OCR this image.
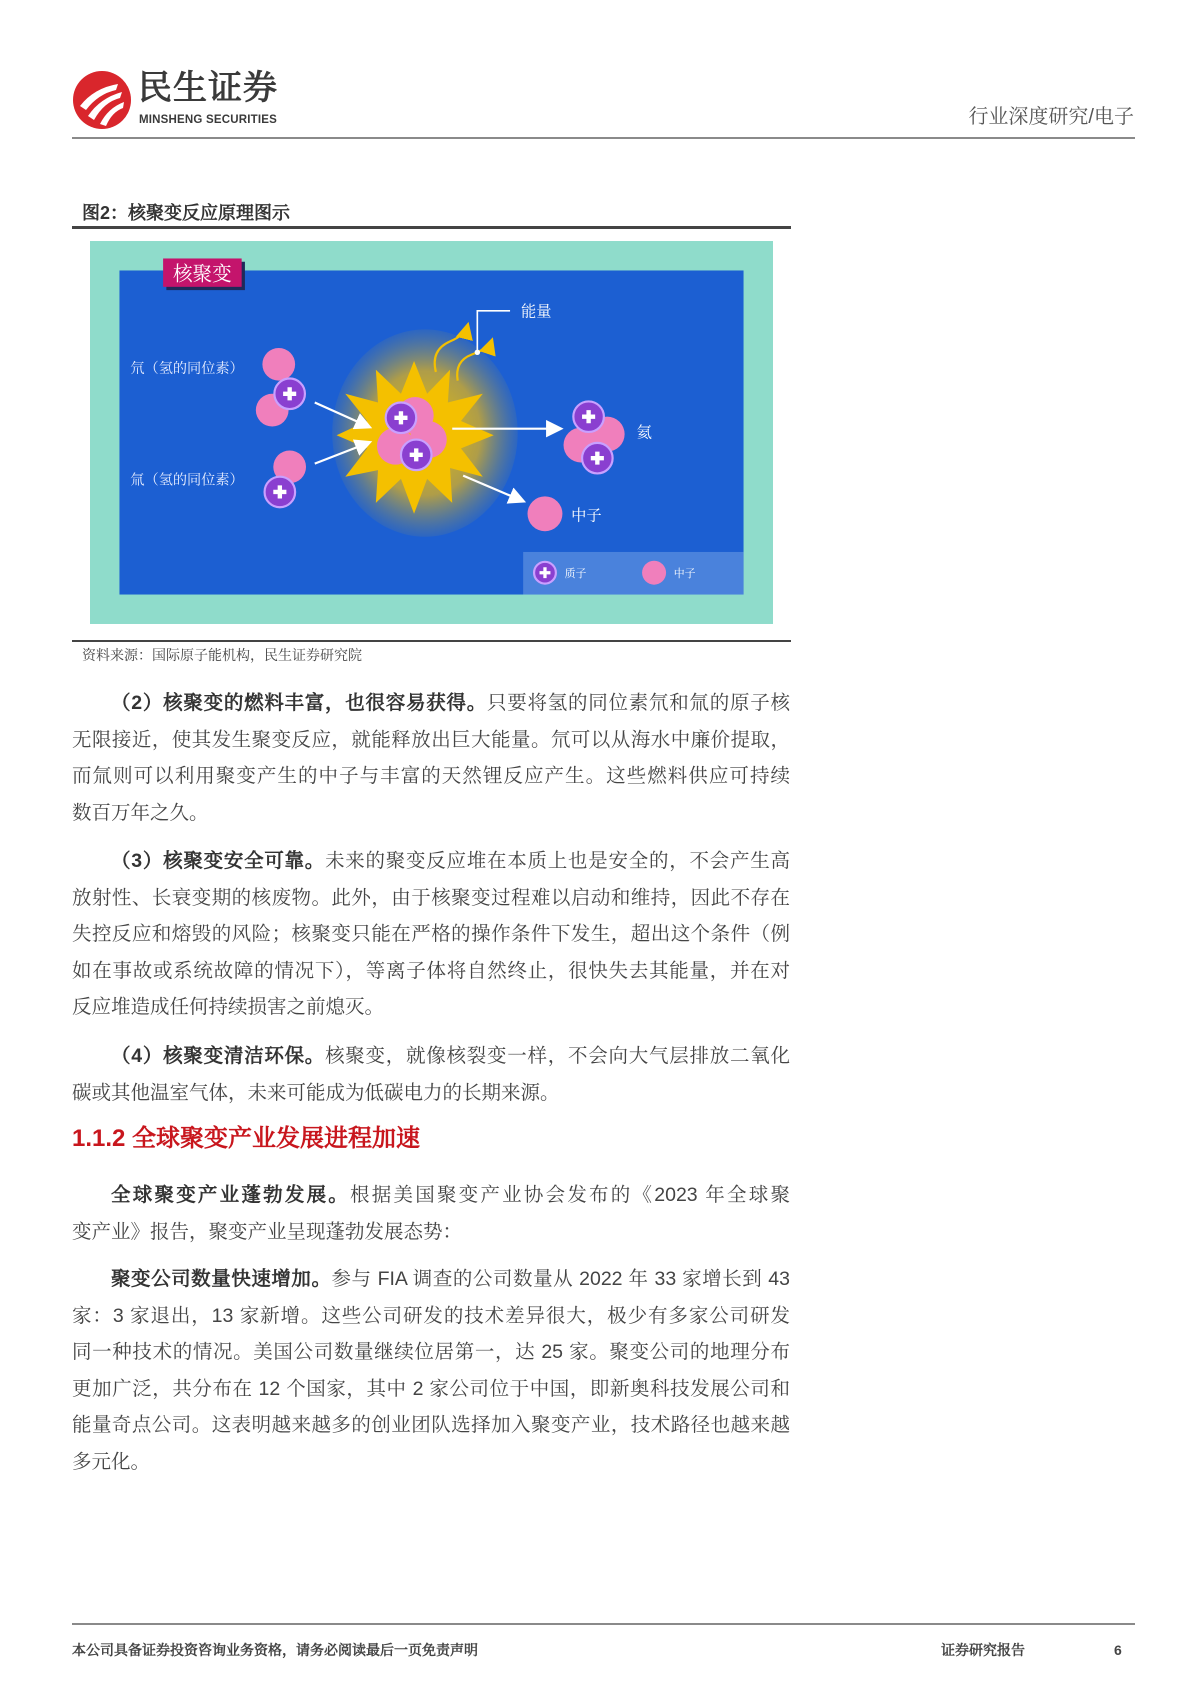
民生证券
MINSHENG SECURITIES	行业深度研究/电子
图2：核聚变反应原理图示
核聚变
氘（氢的同位素）
氚（氢的同位素）
能量
氦
中子
质子	中子
资料来源：国际原子能机构，民生证券研究院
（2）核聚变的燃料丰富，也很容易获得。只要将氢的同位素氘和氚的原子核
无限接近，使其发生聚变反应，就能释放出巨大能量。氘可以从海水中廉价提取，
而氚则可以利用聚变产生的中子与丰富的天然锂反应产生。这些燃料供应可持续
数百万年之久。
（3）核聚变安全可靠。未来的聚变反应堆在本质上也是安全的，不会产生高
放射性、长衰变期的核废物。此外，由于核聚变过程难以启动和维持，因此不存在
失控反应和熔毁的风险；核聚变只能在严格的操作条件下发生，超出这个条件（例
如在事故或系统故障的情况下），等离子体将自然终止，很快失去其能量，并在对
反应堆造成任何持续损害之前熄灭。
（4）核聚变清洁环保。核聚变，就像核裂变一样，不会向大气层排放二氧化
碳或其他温室气体，未来可能成为低碳电力的长期来源。
1.1.2 全球聚变产业发展进程加速
全球聚变产业蓬勃发展。根据美国聚变产业协会发布的《2023 年全球聚
变产业》报告，聚变产业呈现蓬勃发展态势：
聚变公司数量快速增加。参与 FIA 调查的公司数量从 2022 年 33 家增长到 43
家：3 家退出，13 家新增。这些公司研发的技术差异很大，极少有多家公司研发
同一种技术的情况。美国公司数量继续位居第一，达 25 家。聚变公司的地理分布
更加广泛，共分布在 12 个国家，其中 2 家公司位于中国，即新奥科技发展公司和
能量奇点公司。这表明越来越多的创业团队选择加入聚变产业，技术路径也越来越
多元化。
本公司具备证券投资咨询业务资格，请务必阅读最后一页免责声明	证券研究报告	6
